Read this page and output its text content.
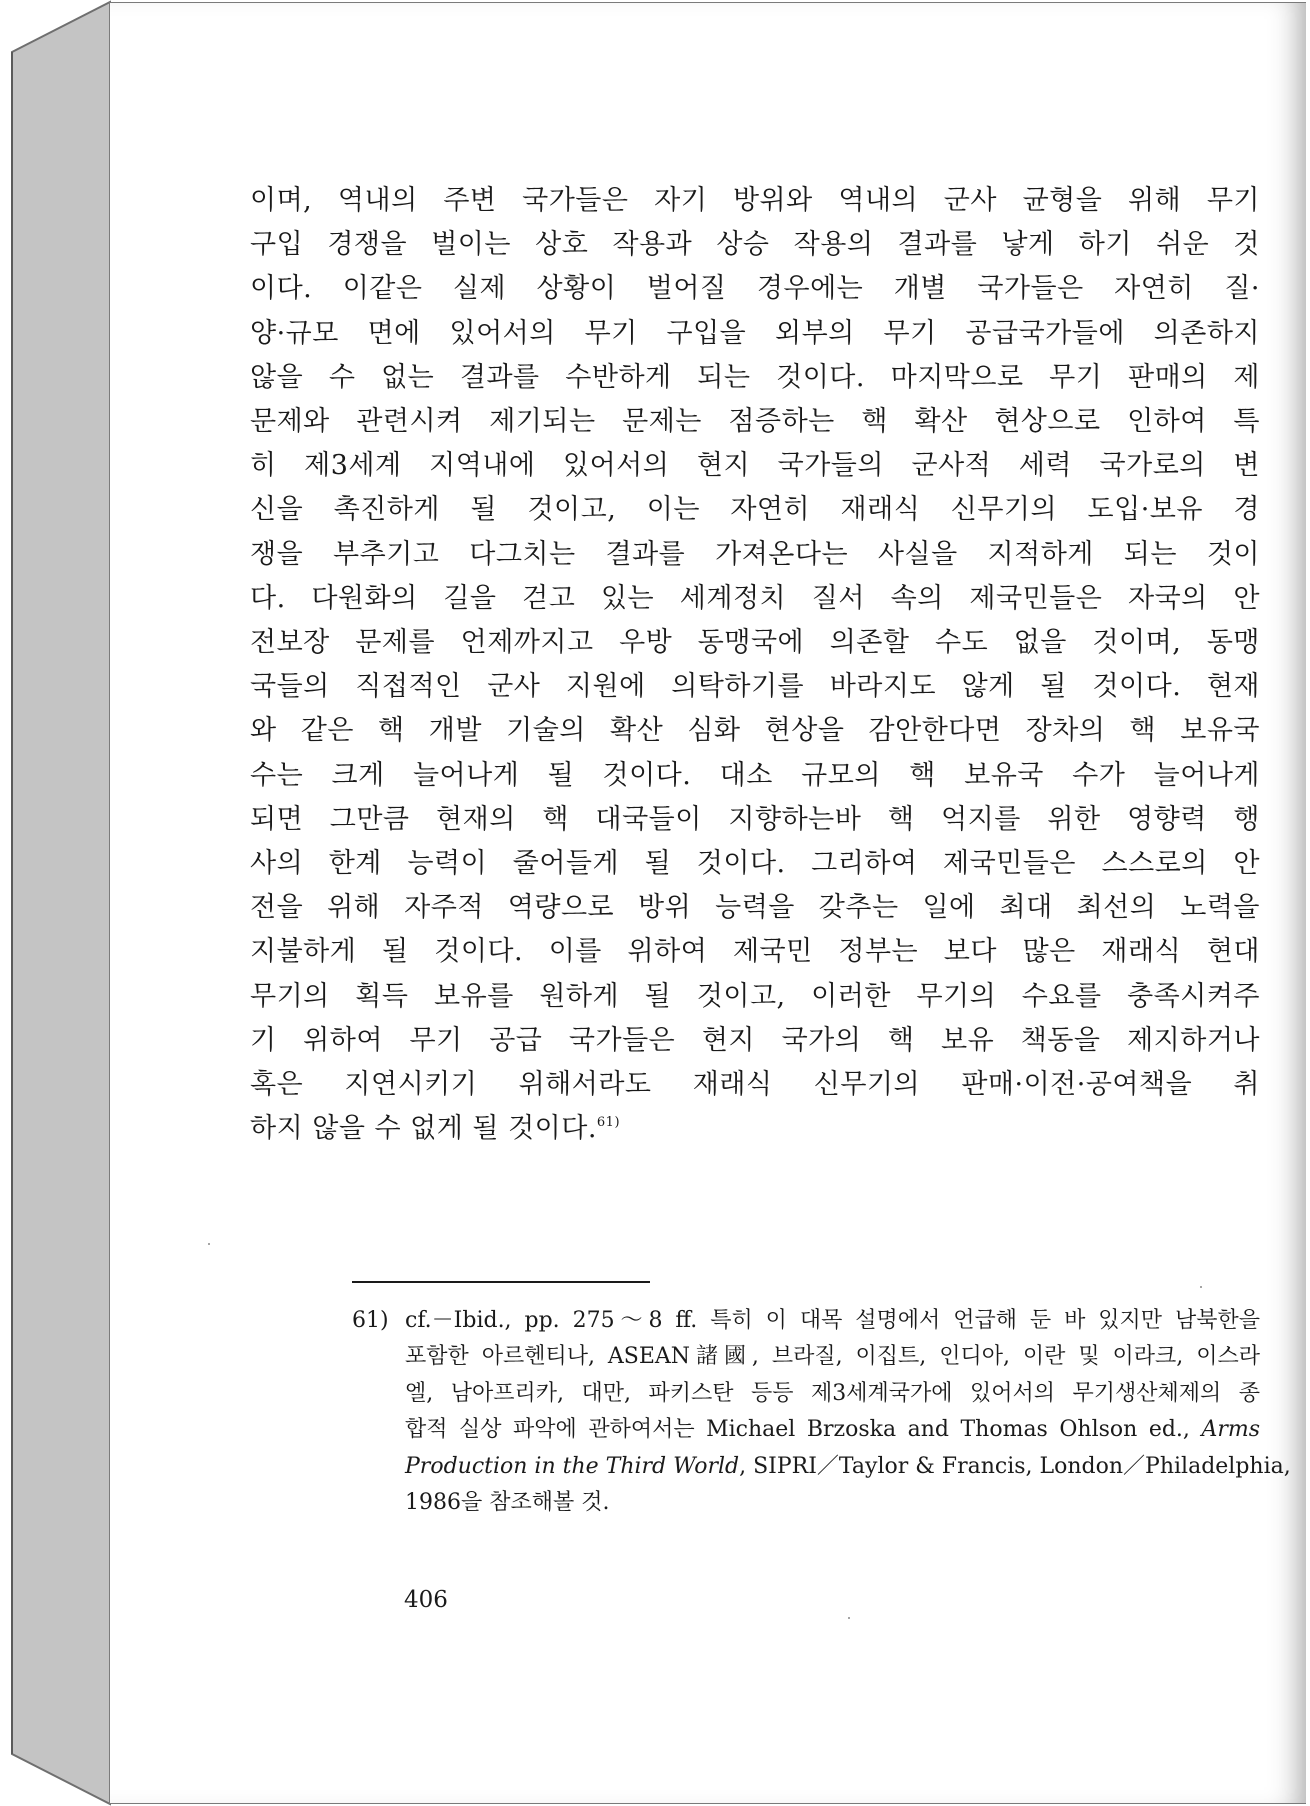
이며, 역내의 주변 국가들은 자기 방위와 역내의 군사 균형을 위해 무기
구입 경쟁을 벌이는 상호 작용과 상승 작용의 결과를 낳게 하기 쉬운 것
이다. 이같은 실제 상황이 벌어질 경우에는 개별 국가들은 자연히 질·
양·규모 면에 있어서의 무기 구입을 외부의 무기 공급국가들에 의존하지
않을 수 없는 결과를 수반하게 되는 것이다. 마지막으로 무기 판매의 제
문제와 관련시켜 제기되는 문제는 점증하는 핵 확산 현상으로 인하여 특
히 제3세계 지역내에 있어서의 현지 국가들의 군사적 세력 국가로의 변
신을 촉진하게 될 것이고, 이는 자연히 재래식 신무기의 도입·보유 경
쟁을 부추기고 다그치는 결과를 가져온다는 사실을 지적하게 되는 것이
다. 다원화의 길을 걷고 있는 세계정치 질서 속의 제국민들은 자국의 안
전보장 문제를 언제까지고 우방 동맹국에 의존할 수도 없을 것이며, 동맹
국들의 직접적인 군사 지원에 의탁하기를 바라지도 않게 될 것이다. 현재
와 같은 핵 개발 기술의 확산 심화 현상을 감안한다면 장차의 핵 보유국
수는 크게 늘어나게 될 것이다. 대소 규모의 핵 보유국 수가 늘어나게
되면 그만큼 현재의 핵 대국들이 지향하는바 핵 억지를 위한 영향력 행
사의 한계 능력이 줄어들게 될 것이다. 그리하여 제국민들은 스스로의 안
전을 위해 자주적 역량으로 방위 능력을 갖추는 일에 최대 최선의 노력을
지불하게 될 것이다. 이를 위하여 제국민 정부는 보다 많은 재래식 현대
무기의 획득 보유를 원하게 될 것이고, 이러한 무기의 수요를 충족시켜주
기 위하여 무기 공급 국가들은 현지 국가의 핵 보유 책동을 제지하거나
혹은 지연시키기 위해서라도 재래식 신무기의 판매·이전·공여책을 취
하지 않을 수 없게 될 것이다.$^{61)}$
61) cf.－Ibid., pp. 275～8 ff. 특히 이 대목 설명에서 언급해 둔 바 있지만 남북한을
포함한 아르헨티나, ASEAN諸國, 브라질, 이집트, 인디아, 이란 및 이라크, 이스라
엘, 남아프리카, 대만, 파키스탄 등등 제3세계국가에 있어서의 무기생산체제의 종
합적 실상 파악에 관하여서는 Michael Brzoska and Thomas Ohlson ed., Arms
Production in the Third World, SIPRI／Taylor & Francis, London／Philadelphia,
1986을 참조해볼 것.
406
